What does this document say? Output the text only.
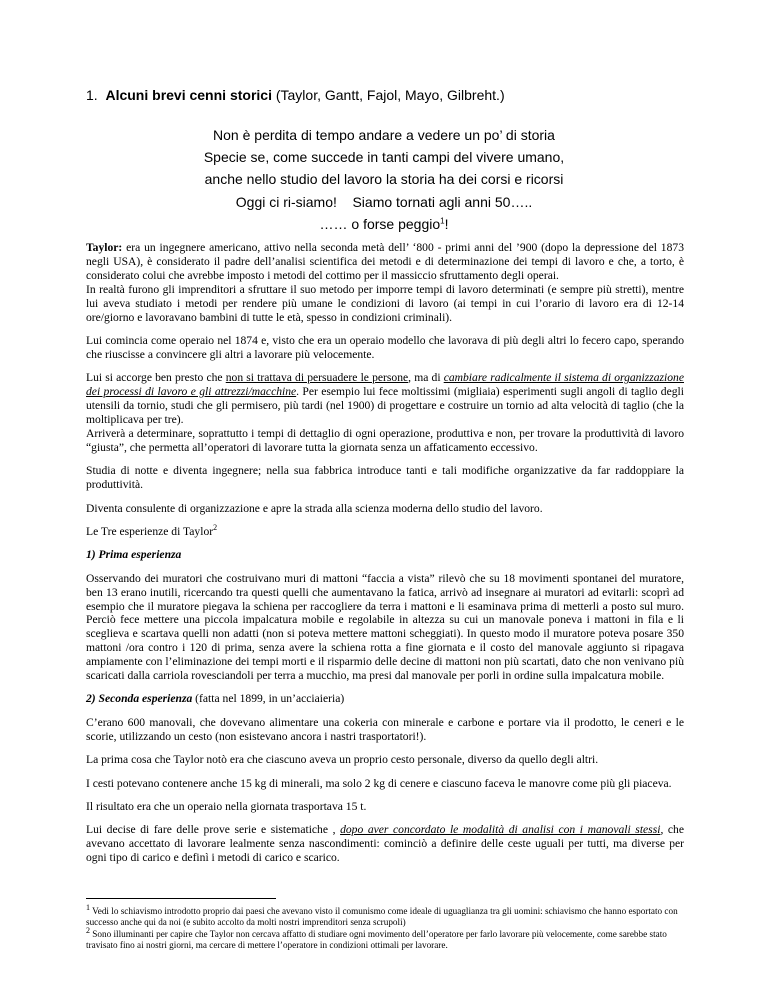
1. Alcuni brevi cenni storici (Taylor, Gantt, Fajol, Mayo, Gilbreht.)
Non è perdita di tempo andare a vedere un po’ di storia
Specie se, come succede in tanti campi del vivere umano,
anche nello studio del lavoro la storia ha dei corsi e ricorsi
Oggi ci ri-siamo!    Siamo tornati agli anni 50…..
…… o forse peggio$^1$!

Taylor: era un ingegnere americano, attivo nella seconda metà dell’ ‘800 - primi anni del ’900 (dopo la depressione del 1873 negli USA), è considerato il padre dell’analisi scientifica dei metodi e di determinazione dei tempi di lavoro e che, a torto, è considerato colui che avrebbe imposto i metodi del cottimo per il massiccio sfruttamento degli operai.

In realtà furono gli imprenditori a sfruttare il suo metodo per imporre tempi di lavoro determinati (e sempre più stretti), mentre lui aveva studiato i metodi per rendere più umane le condizioni di lavoro (ai tempi in cui l’orario di lavoro era di 12-14 ore/giorno e lavoravano bambini di tutte le età, spesso in condizioni criminali).

Lui comincia come operaio nel 1874 e, visto che era un operaio modello che lavorava di più degli altri lo fecero capo, sperando che riuscisse a convincere gli altri a lavorare più velocemente.

Lui si accorge ben presto che non si trattava di persuadere le persone, ma di cambiare radicalmente il sistema di organizzazione dei processi di lavoro e gli attrezzi/macchine. Per esempio lui fece moltissimi (migliaia) esperimenti sugli angoli di taglio degli utensili da tornio, studi che gli permisero, più tardi (nel 1900) di progettare e costruire un tornio ad alta velocità di taglio (che la moltiplicava per tre).

Arriverà a determinare, soprattutto i tempi di dettaglio di ogni operazione, produttiva e non, per trovare la produttività di lavoro “giusta”, che permetta all’operatori di lavorare tutta la giornata senza un affaticamento eccessivo.

Studia di notte e diventa ingegnere; nella sua fabbrica introduce tanti e tali modifiche organizzative da far raddoppiare la produttività.

Diventa consulente di organizzazione e apre la strada alla scienza moderna dello studio del lavoro.

Le Tre esperienze di Taylor$^2$

1) Prima esperienza

Osservando dei muratori che costruivano muri di mattoni “faccia a vista” rilevò che su 18 movimenti spontanei del muratore, ben 13 erano inutili, ricercando tra questi quelli che aumentavano la fatica, arrivò ad insegnare ai muratori ad evitarli: scoprì ad esempio che il muratore piegava la schiena per raccogliere da terra i mattoni e li esaminava prima di metterli a posto sul muro. Perciò fece mettere una piccola impalcatura mobile e regolabile in altezza su cui un manovale poneva i mattoni in fila e li sceglieva e scartava quelli non adatti (non si poteva mettere mattoni scheggiati). In questo modo il muratore poteva posare 350 mattoni /ora contro i 120 di prima, senza avere la schiena rotta a fine giornata e il costo del manovale aggiunto si ripagava ampiamente con l’eliminazione dei tempi morti e il risparmio delle decine di mattoni non più scartati, dato che non venivano più scaricati dalla carriola rovesciandoli per terra a mucchio, ma presi dal manovale per porli in ordine sulla impalcatura mobile.

2) Seconda esperienza (fatta nel 1899, in un’acciaieria)

C’erano 600 manovali, che dovevano alimentare una cokeria con minerale e carbone e portare via il prodotto, le ceneri e le scorie, utilizzando un cesto (non esistevano ancora i nastri trasportatori!).

La prima cosa che Taylor notò era che ciascuno aveva un proprio cesto personale, diverso da quello degli altri.

I cesti potevano contenere anche 15 kg di minerali, ma solo 2 kg di cenere e ciascuno faceva le manovre come più gli piaceva.

Il risultato era che un operaio nella giornata trasportava 15 t.

Lui decise di fare delle prove serie e sistematiche , dopo aver concordato le modalità di analisi con i manovali stessi, che avevano accettato di lavorare lealmente senza nascondimenti: cominciò a definire delle ceste uguali per tutti, ma diverse per ogni tipo di carico e definì i metodi di carico e scarico.

$^1$ Vedi lo schiavismo introdotto proprio dai paesi che avevano visto il comunismo come ideale di uguaglianza tra gli uomini: schiavismo che hanno esportato con successo anche qui da noi (e subito accolto da molti nostri imprenditori senza scrupoli)

$^2$ Sono illuminanti per capire che Taylor non cercava affatto di studiare ogni movimento dell’operatore per farlo lavorare più velocemente, come sarebbe stato travisato fino ai nostri giorni, ma cercare di mettere l’operatore in condizioni ottimali per lavorare.
